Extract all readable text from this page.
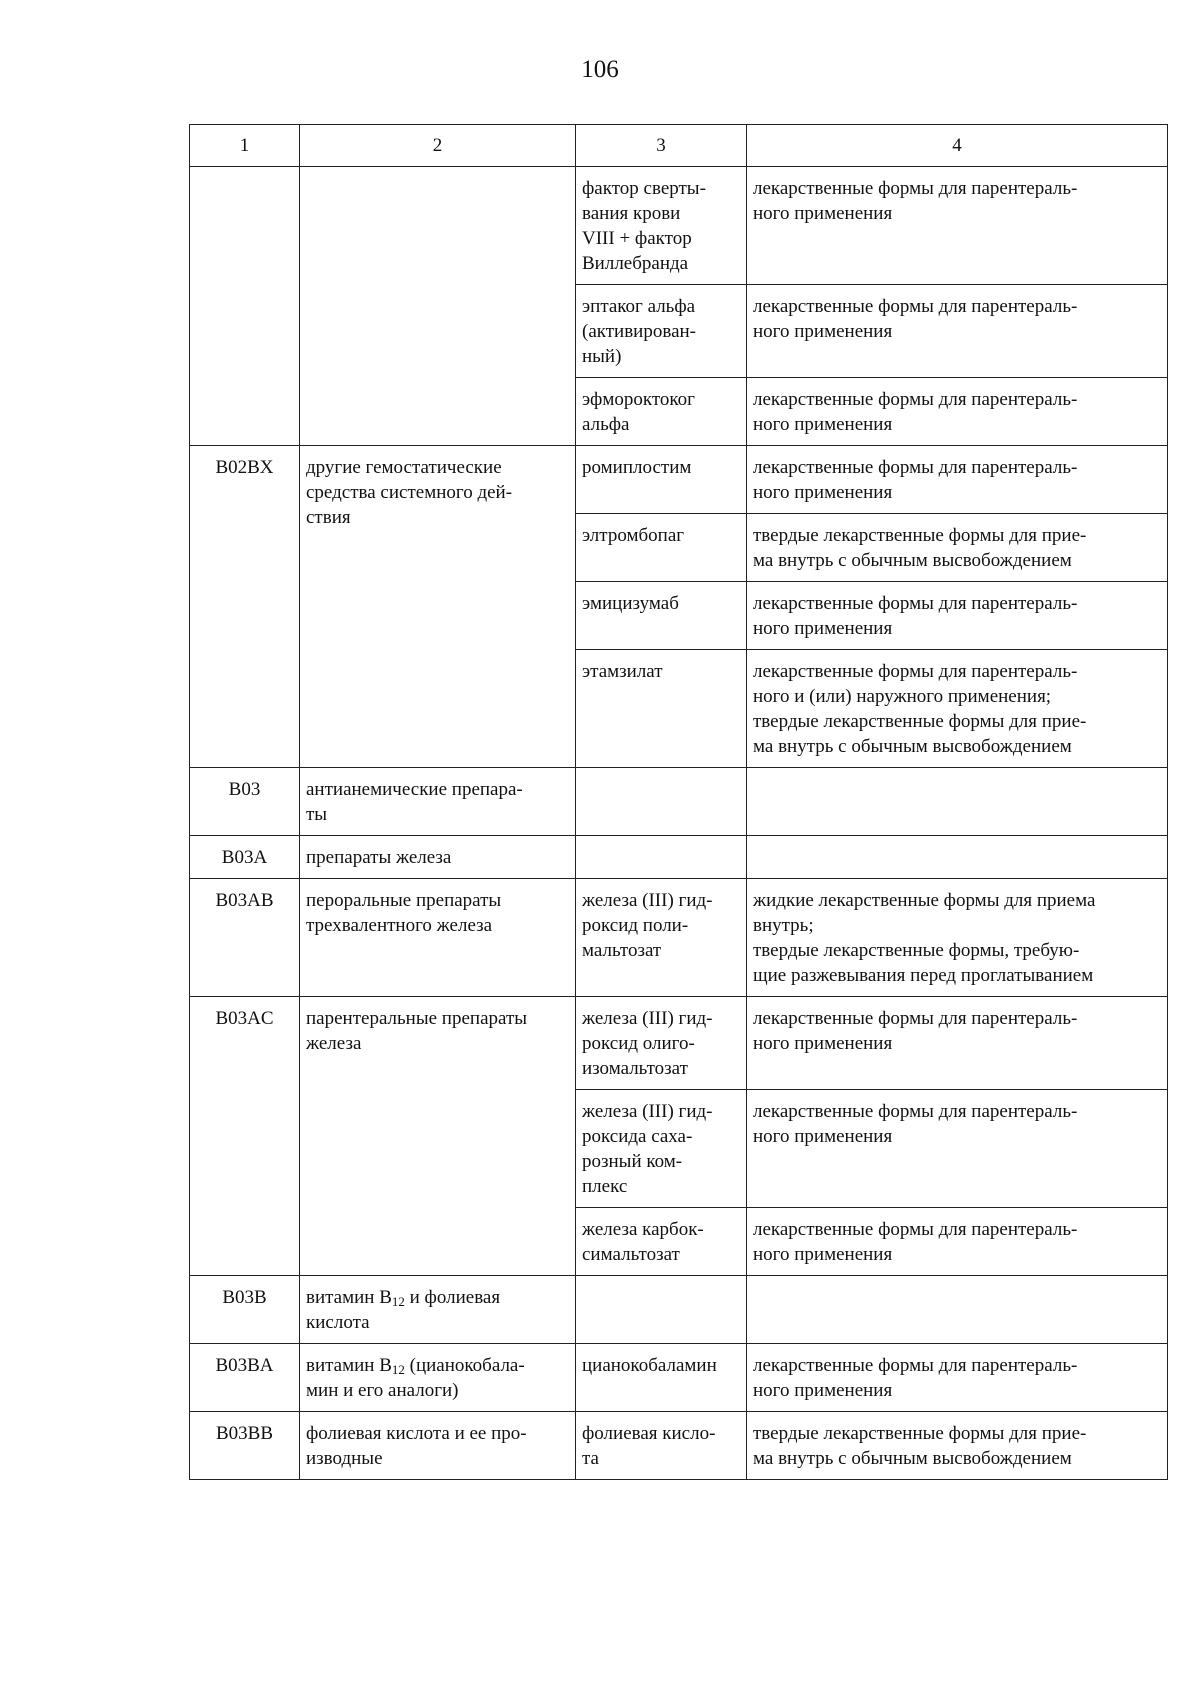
106
1	2	3	4

		фактор сверты-
вания крови
VIII + фактор
Виллебранда	лекарственные формы для парентераль-
ного применения

		эптаког альфа
(активирован-
ный)	лекарственные формы для парентераль-
ного применения

		эфмороктоког
альфа	лекарственные формы для парентераль-
ного применения

B02BX	другие гемостатические
средства системного дей-
ствия	ромиплостим	лекарственные формы для парентераль-
ного применения

		элтромбопаг	твердые лекарственные формы для прие-
ма внутрь с обычным высвобождением

		эмицизумаб	лекарственные формы для парентераль-
ного применения

		этамзилат	лекарственные формы для парентераль-
ного и (или) наружного применения;
твердые лекарственные формы для прие-
ма внутрь с обычным высвобождением

B03	антианемические препара-
ты		

B03A	препараты железа		

B03AB	пероральные препараты
трехвалентного железа	железа (III) гид-
роксид поли-
мальтозат	жидкие лекарственные формы для приема
внутрь;
твердые лекарственные формы, требую-
щие разжевывания перед проглатыванием

B03AC	парентеральные препараты
железа	железа (III) гид-
роксид олиго-
изомальтозат	лекарственные формы для парентераль-
ного применения

		железа (III) гид-
роксида саха-
розный ком-
плекс	лекарственные формы для парентераль-
ного применения

		железа карбок-
симальтозат	лекарственные формы для парентераль-
ного применения

B03B	витамин $B_{12}$ и фолиевая
кислота		

B03BA	витамин $B_{12}$ (цианокобала-
мин и его аналоги)	цианокобаламин	лекарственные формы для парентераль-
ного применения

B03BB	фолиевая кислота и ее про-
изводные	фолиевая кисло-
та	твердые лекарственные формы для прие-
ма внутрь с обычным высвобождением
